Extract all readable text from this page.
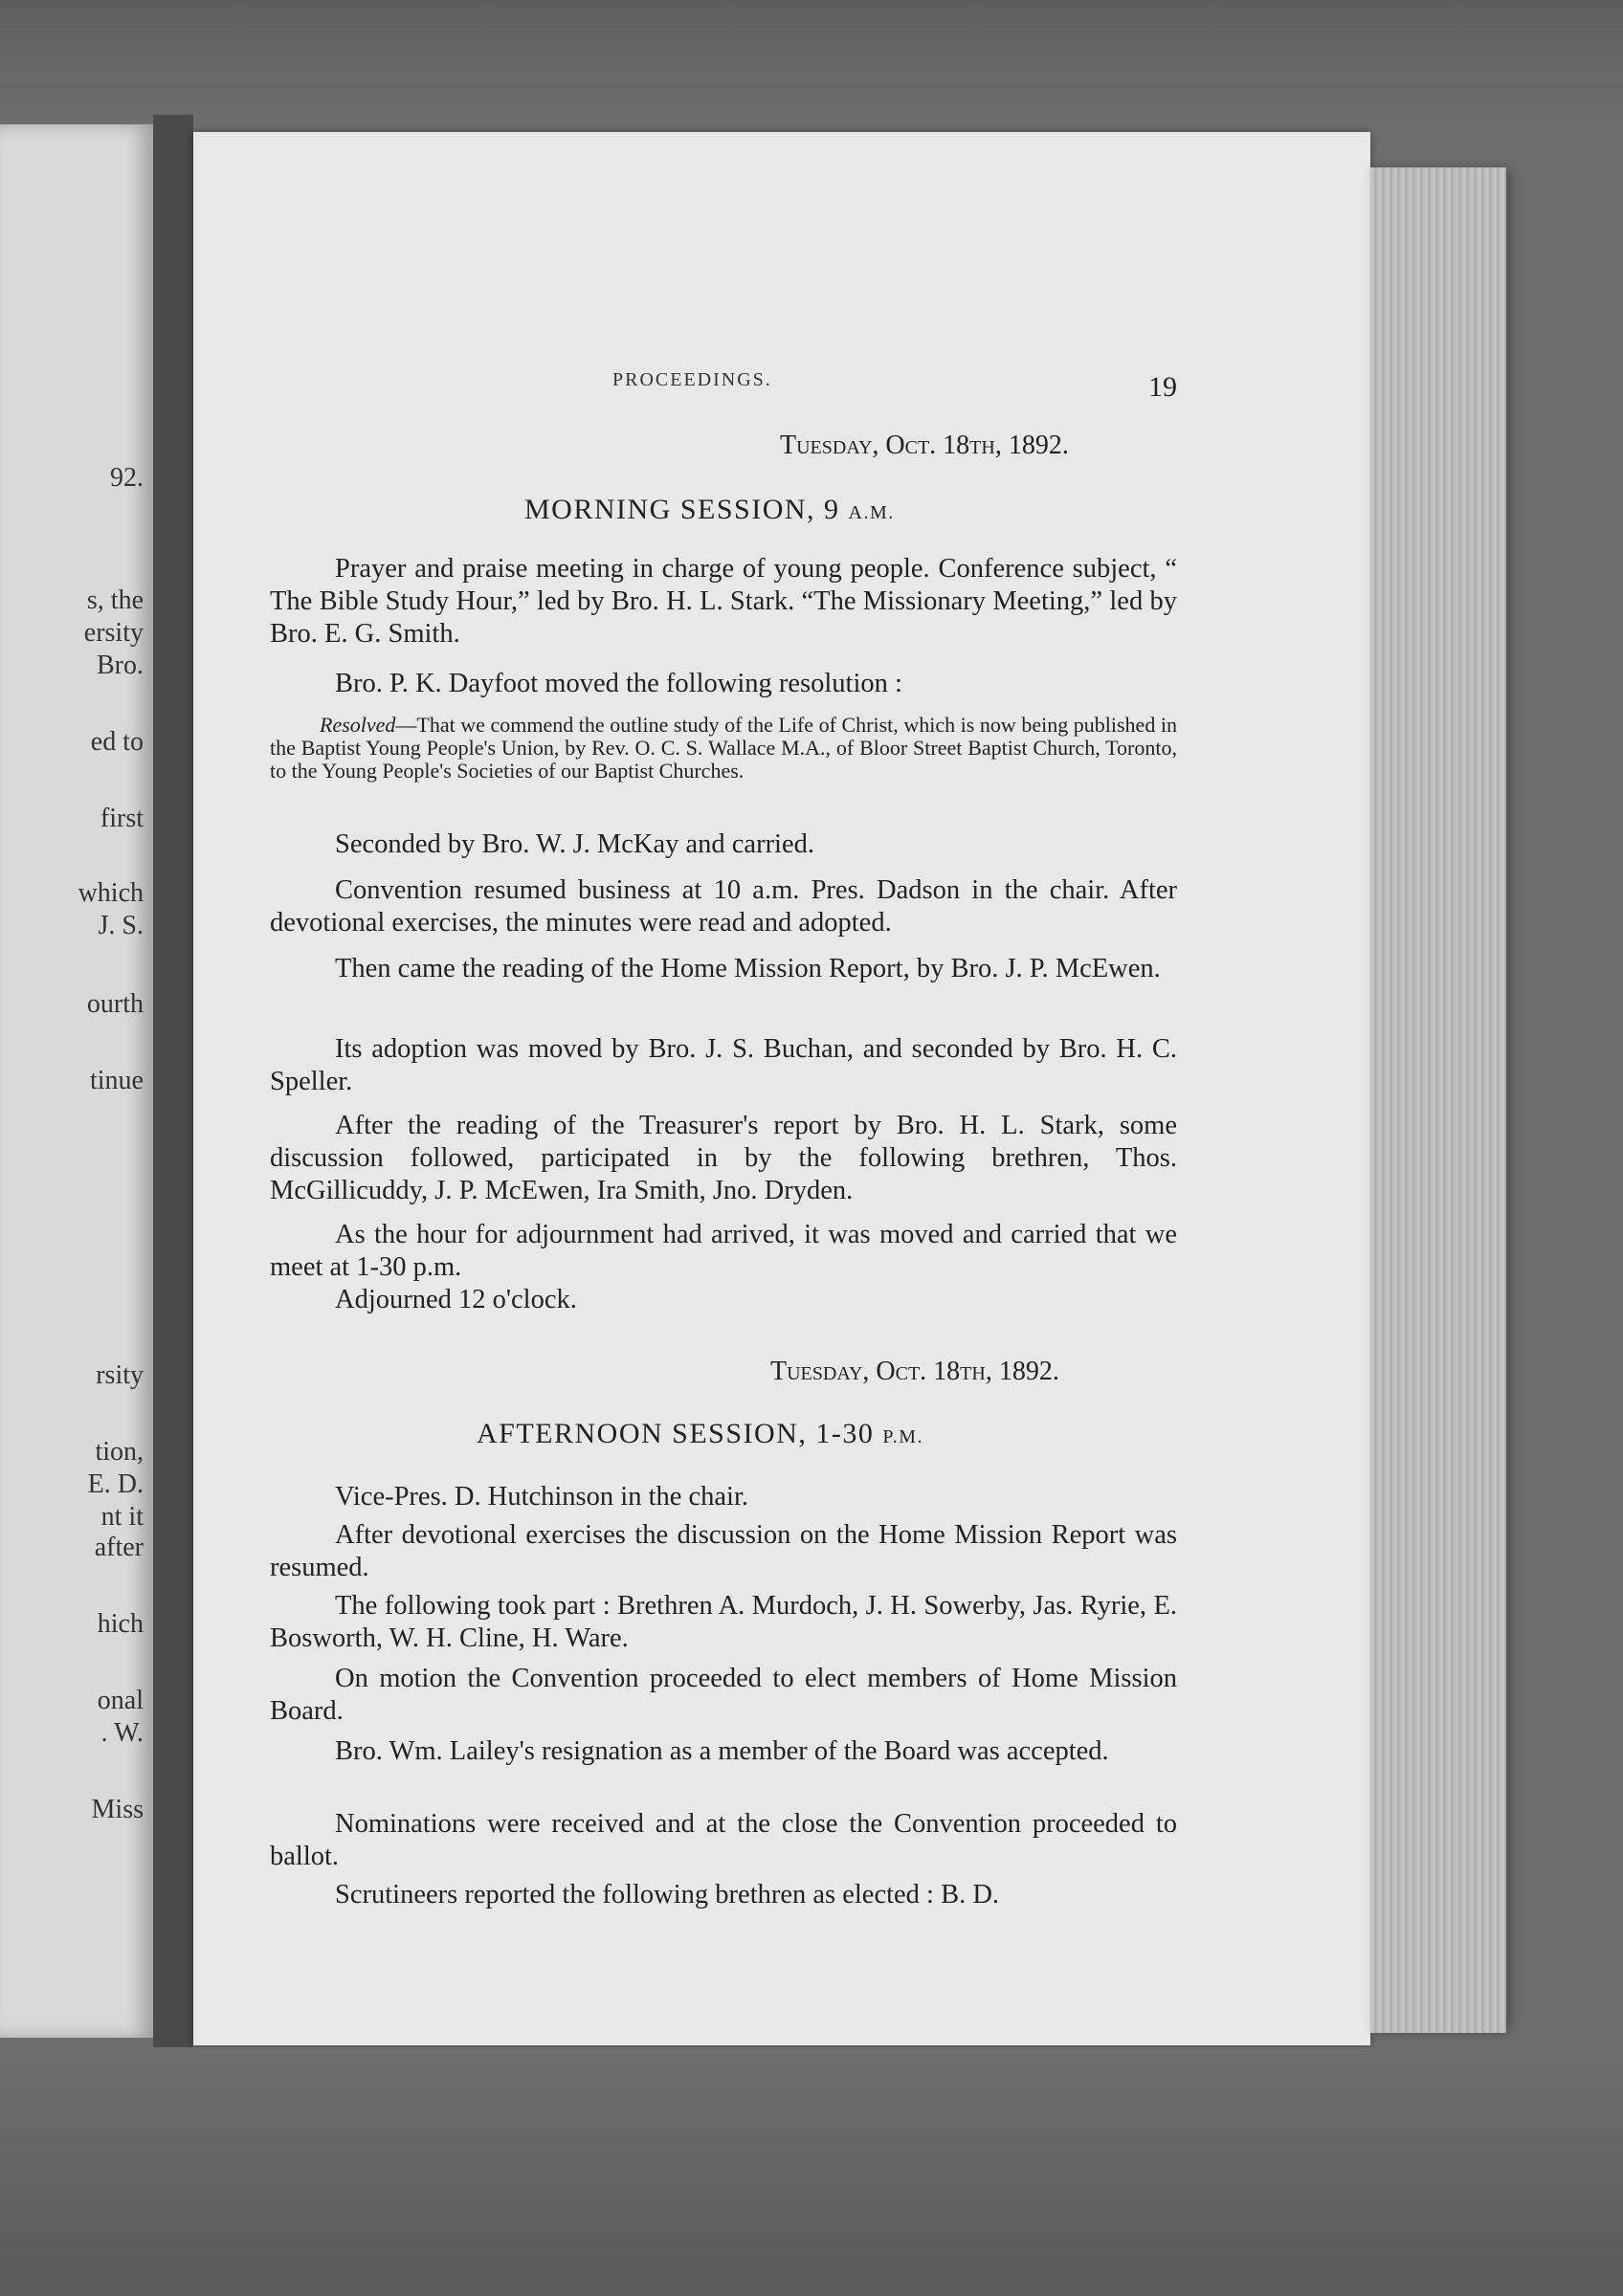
92.
s, the
ersity
Bro.
ed to
first
which
J. S.
ourth
tinue
rsity
tion,
E. D.
nt it
after
hich
onal
. W.
Miss
PROCEEDINGS.	19
Tuesday, Oct. 18th, 1892.
MORNING SESSION, 9 A.M.

Prayer and praise meeting in charge of young people. Conference subject, “ The Bible Study Hour,” led by Bro. H. L. Stark. “The Missionary Meeting,” led by Bro. E. G. Smith.

Bro. P. K. Dayfoot moved the following resolution :

Resolved—That we commend the outline study of the Life of Christ, which is now being published in the Baptist Young People's Union, by Rev. O. C. S. Wallace M.A., of Bloor Street Baptist Church, Toronto, to the Young People's Societies of our Baptist Churches.

Seconded by Bro. W. J. McKay and carried.

Convention resumed business at 10 a.m. Pres. Dadson in the chair. After devotional exercises, the minutes were read and adopted.

Then came the reading of the Home Mission Report, by Bro. J. P. McEwen.

Its adoption was moved by Bro. J. S. Buchan, and seconded by Bro. H. C. Speller.

After the reading of the Treasurer's report by Bro. H. L. Stark, some discussion followed, participated in by the following brethren, Thos. McGillicuddy, J. P. McEwen, Ira Smith, Jno. Dryden.

As the hour for adjournment had arrived, it was moved and carried that we meet at 1-30 p.m.

Adjourned 12 o'clock.

Tuesday, Oct. 18th, 1892.
AFTERNOON SESSION, 1-30 P.M.

Vice-Pres. D. Hutchinson in the chair.

After devotional exercises the discussion on the Home Mission Report was resumed.

The following took part : Brethren A. Murdoch, J. H. Sowerby, Jas. Ryrie, E. Bosworth, W. H. Cline, H. Ware.

On motion the Convention proceeded to elect members of Home Mission Board.

Bro. Wm. Lailey's resignation as a member of the Board was accepted.

Nominations were received and at the close the Convention proceeded to ballot.

Scrutineers reported the following brethren as elected : B. D.
